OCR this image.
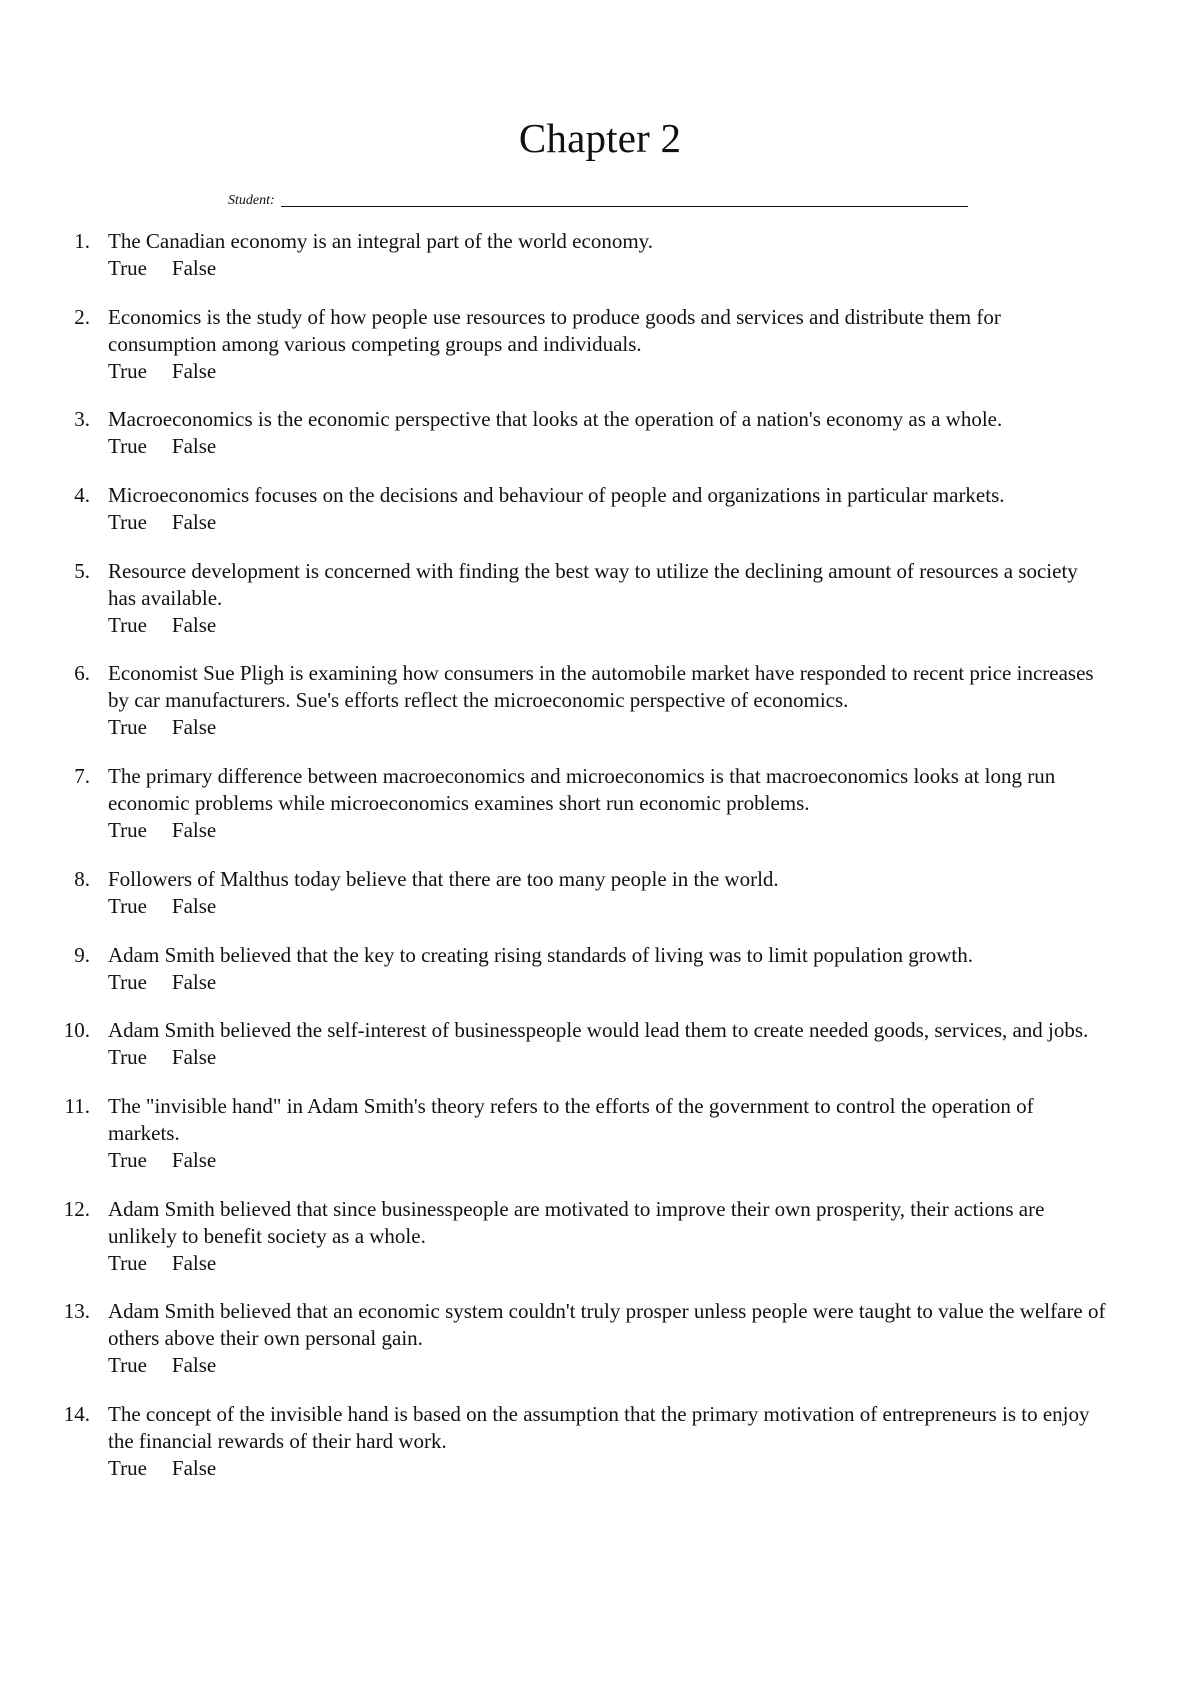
Chapter 2
Student:
1 . The Canadian economy is an integral part of the world economy.
True False
2 . Economics is the study of how people use resources to produce goods and services and distribute them for consumption among various competing groups and individuals.
True False
3 . Macroeconomics is the economic perspective that looks at the operation of a nation's economy as a whole.
True False
4 . Microeconomics focuses on the decisions and behaviour of people and organizations in particular markets.
True False
5 . Resource development is concerned with finding the best way to utilize the declining amount of resources a society has available.
True False
6 . Economist Sue Pligh is examining how consumers in the automobile market have responded to recent price increases by car manufacturers. Sue's efforts reflect the microeconomic perspective of economics.
True False
7 . The primary difference between macroeconomics and microeconomics is that macroeconomics looks at long run economic problems while microeconomics examines short run economic problems.
True False
8 . Followers of Malthus today believe that there are too many people in the world.
True False
9 . Adam Smith believed that the key to creating rising standards of living was to limit population growth.
True False
10 . Adam Smith believed the self-interest of businesspeople would lead them to create needed goods, services, and jobs.
True False
11 . The "invisible hand" in Adam Smith's theory refers to the efforts of the government to control the operation of markets.
True False
12 . Adam Smith believed that since businesspeople are motivated to improve their own prosperity, their actions are unlikely to benefit society as a whole.
True False
13 . Adam Smith believed that an economic system couldn't truly prosper unless people were taught to value the welfare of others above their own personal gain.
True False
14 . The concept of the invisible hand is based on the assumption that the primary motivation of entrepreneurs is to enjoy the financial rewards of their hard work.
True False
